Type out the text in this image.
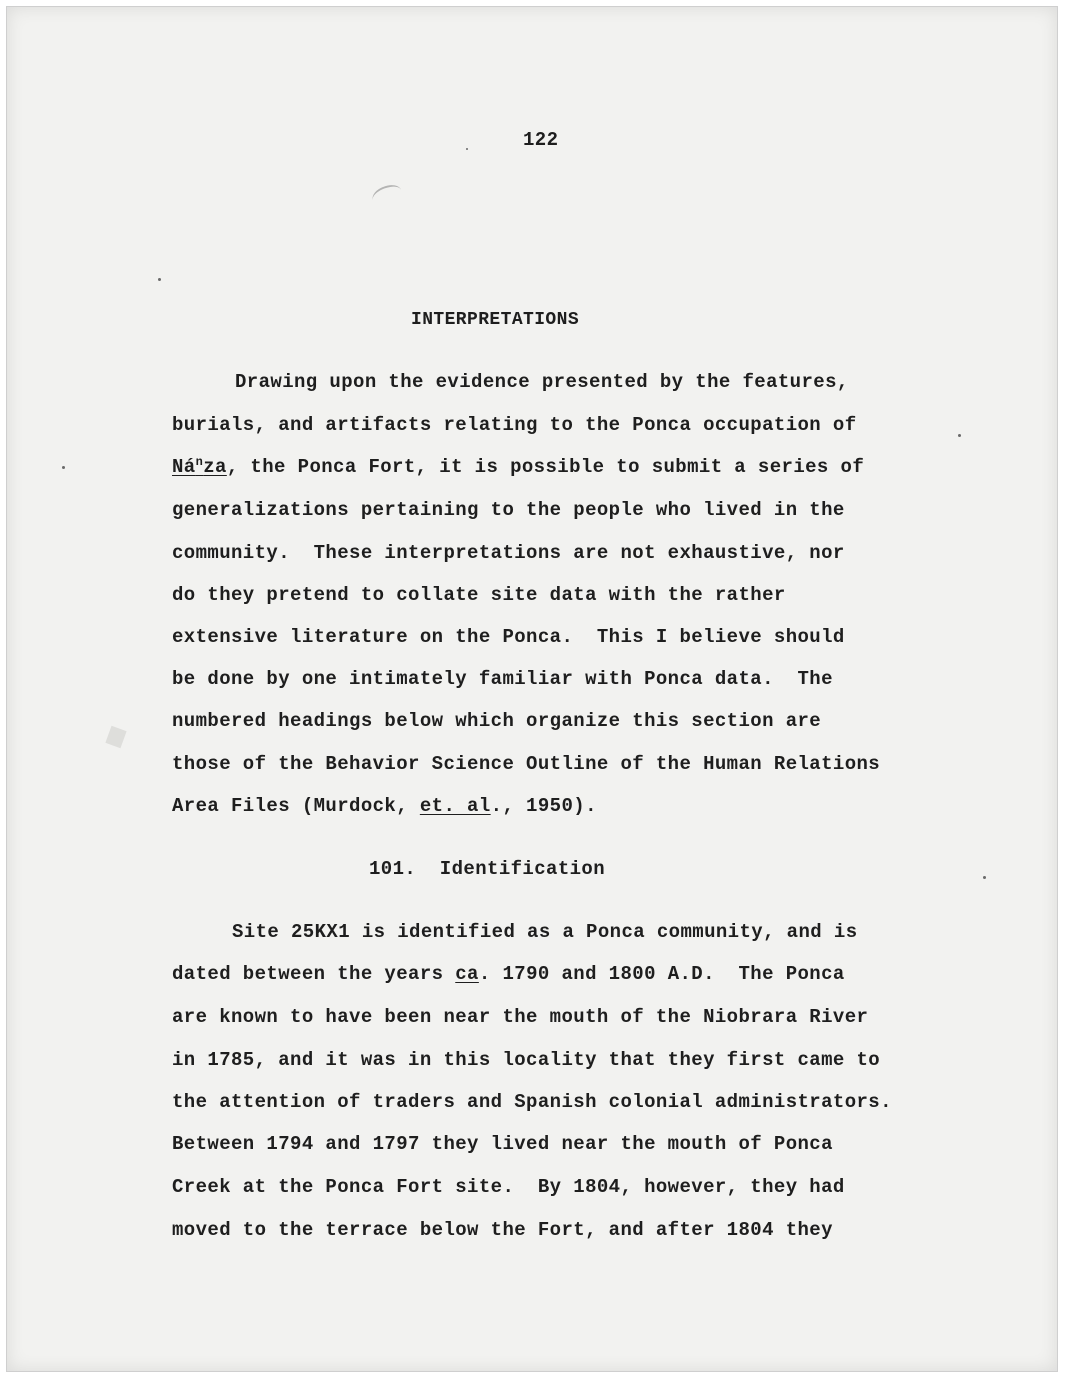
122
INTERPRETATIONS
Drawing upon the evidence presented by the features,
burials, and artifacts relating to the Ponca occupation of
$Ná^nza$, the Ponca Fort, it is possible to submit a series of
generalizations pertaining to the people who lived in the
community.  These interpretations are not exhaustive, nor
do they pretend to collate site data with the rather
extensive literature on the Ponca.  This I believe should
be done by one intimately familiar with Ponca data.  The
numbered headings below which organize this section are
those of the Behavior Science Outline of the Human Relations
Area Files (Murdock, et. al., 1950).
101.  Identification
Site 25KX1 is identified as a Ponca community, and is
dated between the years ca. 1790 and 1800 A.D.  The Ponca
are known to have been near the mouth of the Niobrara River
in 1785, and it was in this locality that they first came to
the attention of traders and Spanish colonial administrators.
Between 1794 and 1797 they lived near the mouth of Ponca
Creek at the Ponca Fort site.  By 1804, however, they had
moved to the terrace below the Fort, and after 1804 they
